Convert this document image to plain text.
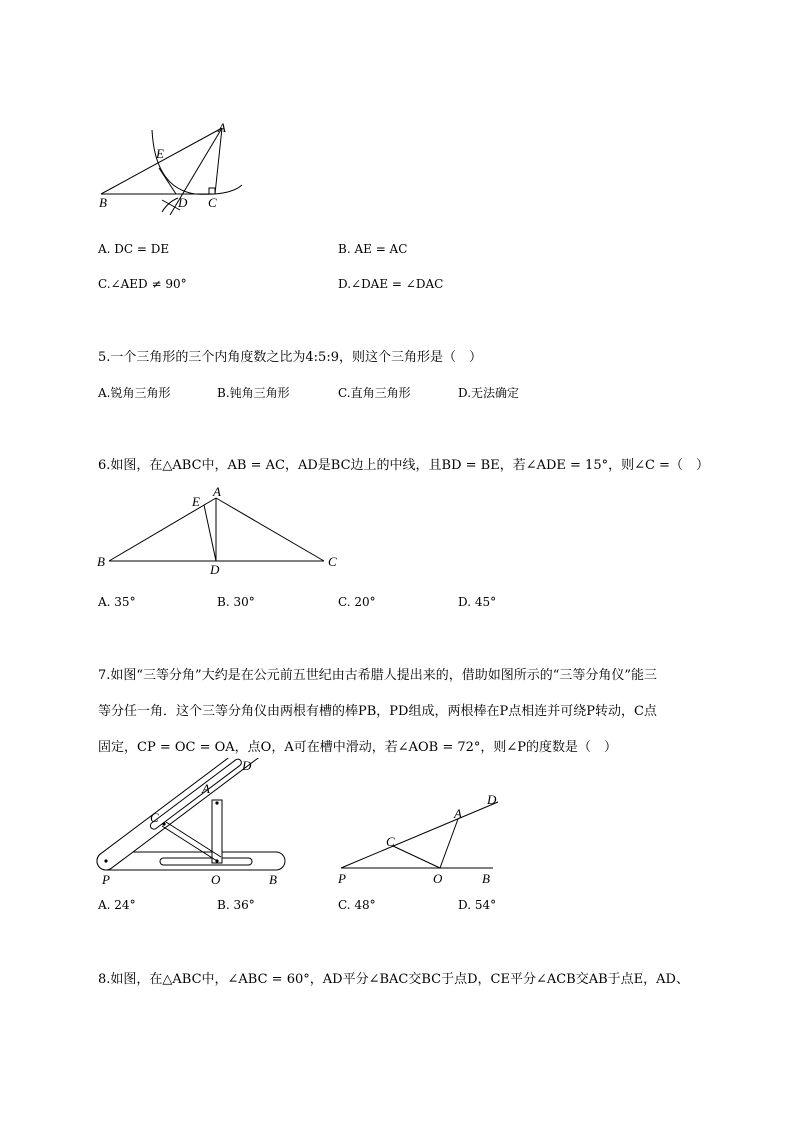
A
E
B	D C
A. DC = DE	B. AE = AC
C.∠AED ≠ 90°	D.∠DAE = ∠DAC
5.一个三角形的三个内角度数之比为4:5:9，则这个三角形是（　）
A.锐角三角形	B.钝角三角形	C.直角三角形	D.无法确定
6.如图，在△ABC中，AB = AC，AD是BC边上的中线，且BD = BE，若∠ADE = 15°，则∠C =（　）
E
A
B
D
C
A. 35°	B. 30°	C. 20°	D. 45°
7.如图“三等分角”大约是在公元前五世纪由古希腊人提出来的，借助如图所示的“三等分角仪”能三
等分任一角．这个三等分角仪由两根有槽的棒PB，PD组成，两根棒在P点相连并可绕P转动，C点
固定，CP = OC = OA，点O，A可在槽中滑动，若∠AOB = 72°，则∠P的度数是（　）
D
A
C
P	O	B
D
A
C
P	O	B
A. 24°	B. 36°	C. 48°	D. 54°
8.如图，在△ABC中，∠ABC = 60°，AD平分∠BAC交BC于点D，CE平分∠ACB交AB于点E，AD、
